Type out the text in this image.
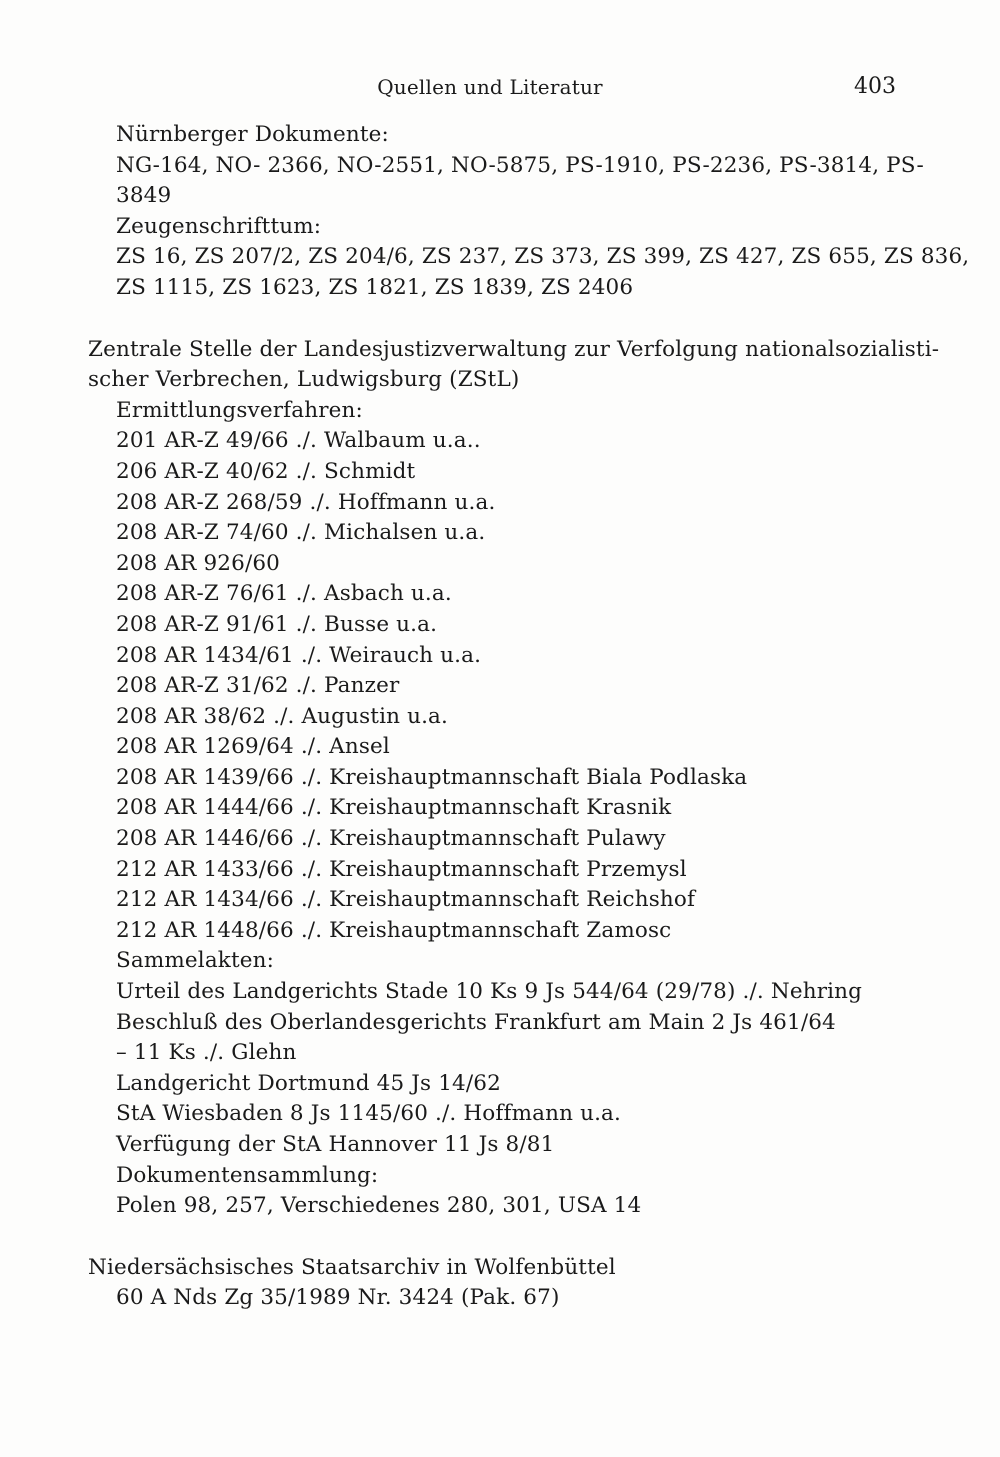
Quellen und Literatur	403
Nürnberger Dokumente:
NG-164, NO- 2366, NO-2551, NO-5875, PS-1910, PS-2236, PS-3814, PS-
3849
Zeugenschrifttum:
ZS 16, ZS 207/2, ZS 204/6, ZS 237, ZS 373, ZS 399, ZS 427, ZS 655, ZS 836,
ZS 1115, ZS 1623, ZS 1821, ZS 1839, ZS 2406
Zentrale Stelle der Landesjustizverwaltung zur Verfolgung nationalsozialisti-
scher Verbrechen, Ludwigsburg (ZStL)
Ermittlungsverfahren:
201 AR-Z 49/66 ./. Walbaum u.a..
206 AR-Z 40/62 ./. Schmidt
208 AR-Z 268/59 ./. Hoffmann u.a.
208 AR-Z 74/60 ./. Michalsen u.a.
208 AR 926/60
208 AR-Z 76/61 ./. Asbach u.a.
208 AR-Z 91/61 ./. Busse u.a.
208 AR 1434/61 ./. Weirauch u.a.
208 AR-Z 31/62 ./. Panzer
208 AR 38/62 ./. Augustin u.a.
208 AR 1269/64 ./. Ansel
208 AR 1439/66 ./. Kreishauptmannschaft Biala Podlaska
208 AR 1444/66 ./. Kreishauptmannschaft Krasnik
208 AR 1446/66 ./. Kreishauptmannschaft Pulawy
212 AR 1433/66 ./. Kreishauptmannschaft Przemysl
212 AR 1434/66 ./. Kreishauptmannschaft Reichshof
212 AR 1448/66 ./. Kreishauptmannschaft Zamosc
Sammelakten:
Urteil des Landgerichts Stade 10 Ks 9 Js 544/64 (29/78) ./. Nehring
Beschluß des Oberlandesgerichts Frankfurt am Main 2 Js 461/64
– 11 Ks ./. Glehn
Landgericht Dortmund 45 Js 14/62
StA Wiesbaden 8 Js 1145/60 ./. Hoffmann u.a.
Verfügung der StA Hannover 11 Js 8/81
Dokumentensammlung:
Polen 98, 257, Verschiedenes 280, 301, USA 14
Niedersächsisches Staatsarchiv in Wolfenbüttel
60 A Nds Zg 35/1989 Nr. 3424 (Pak. 67)
